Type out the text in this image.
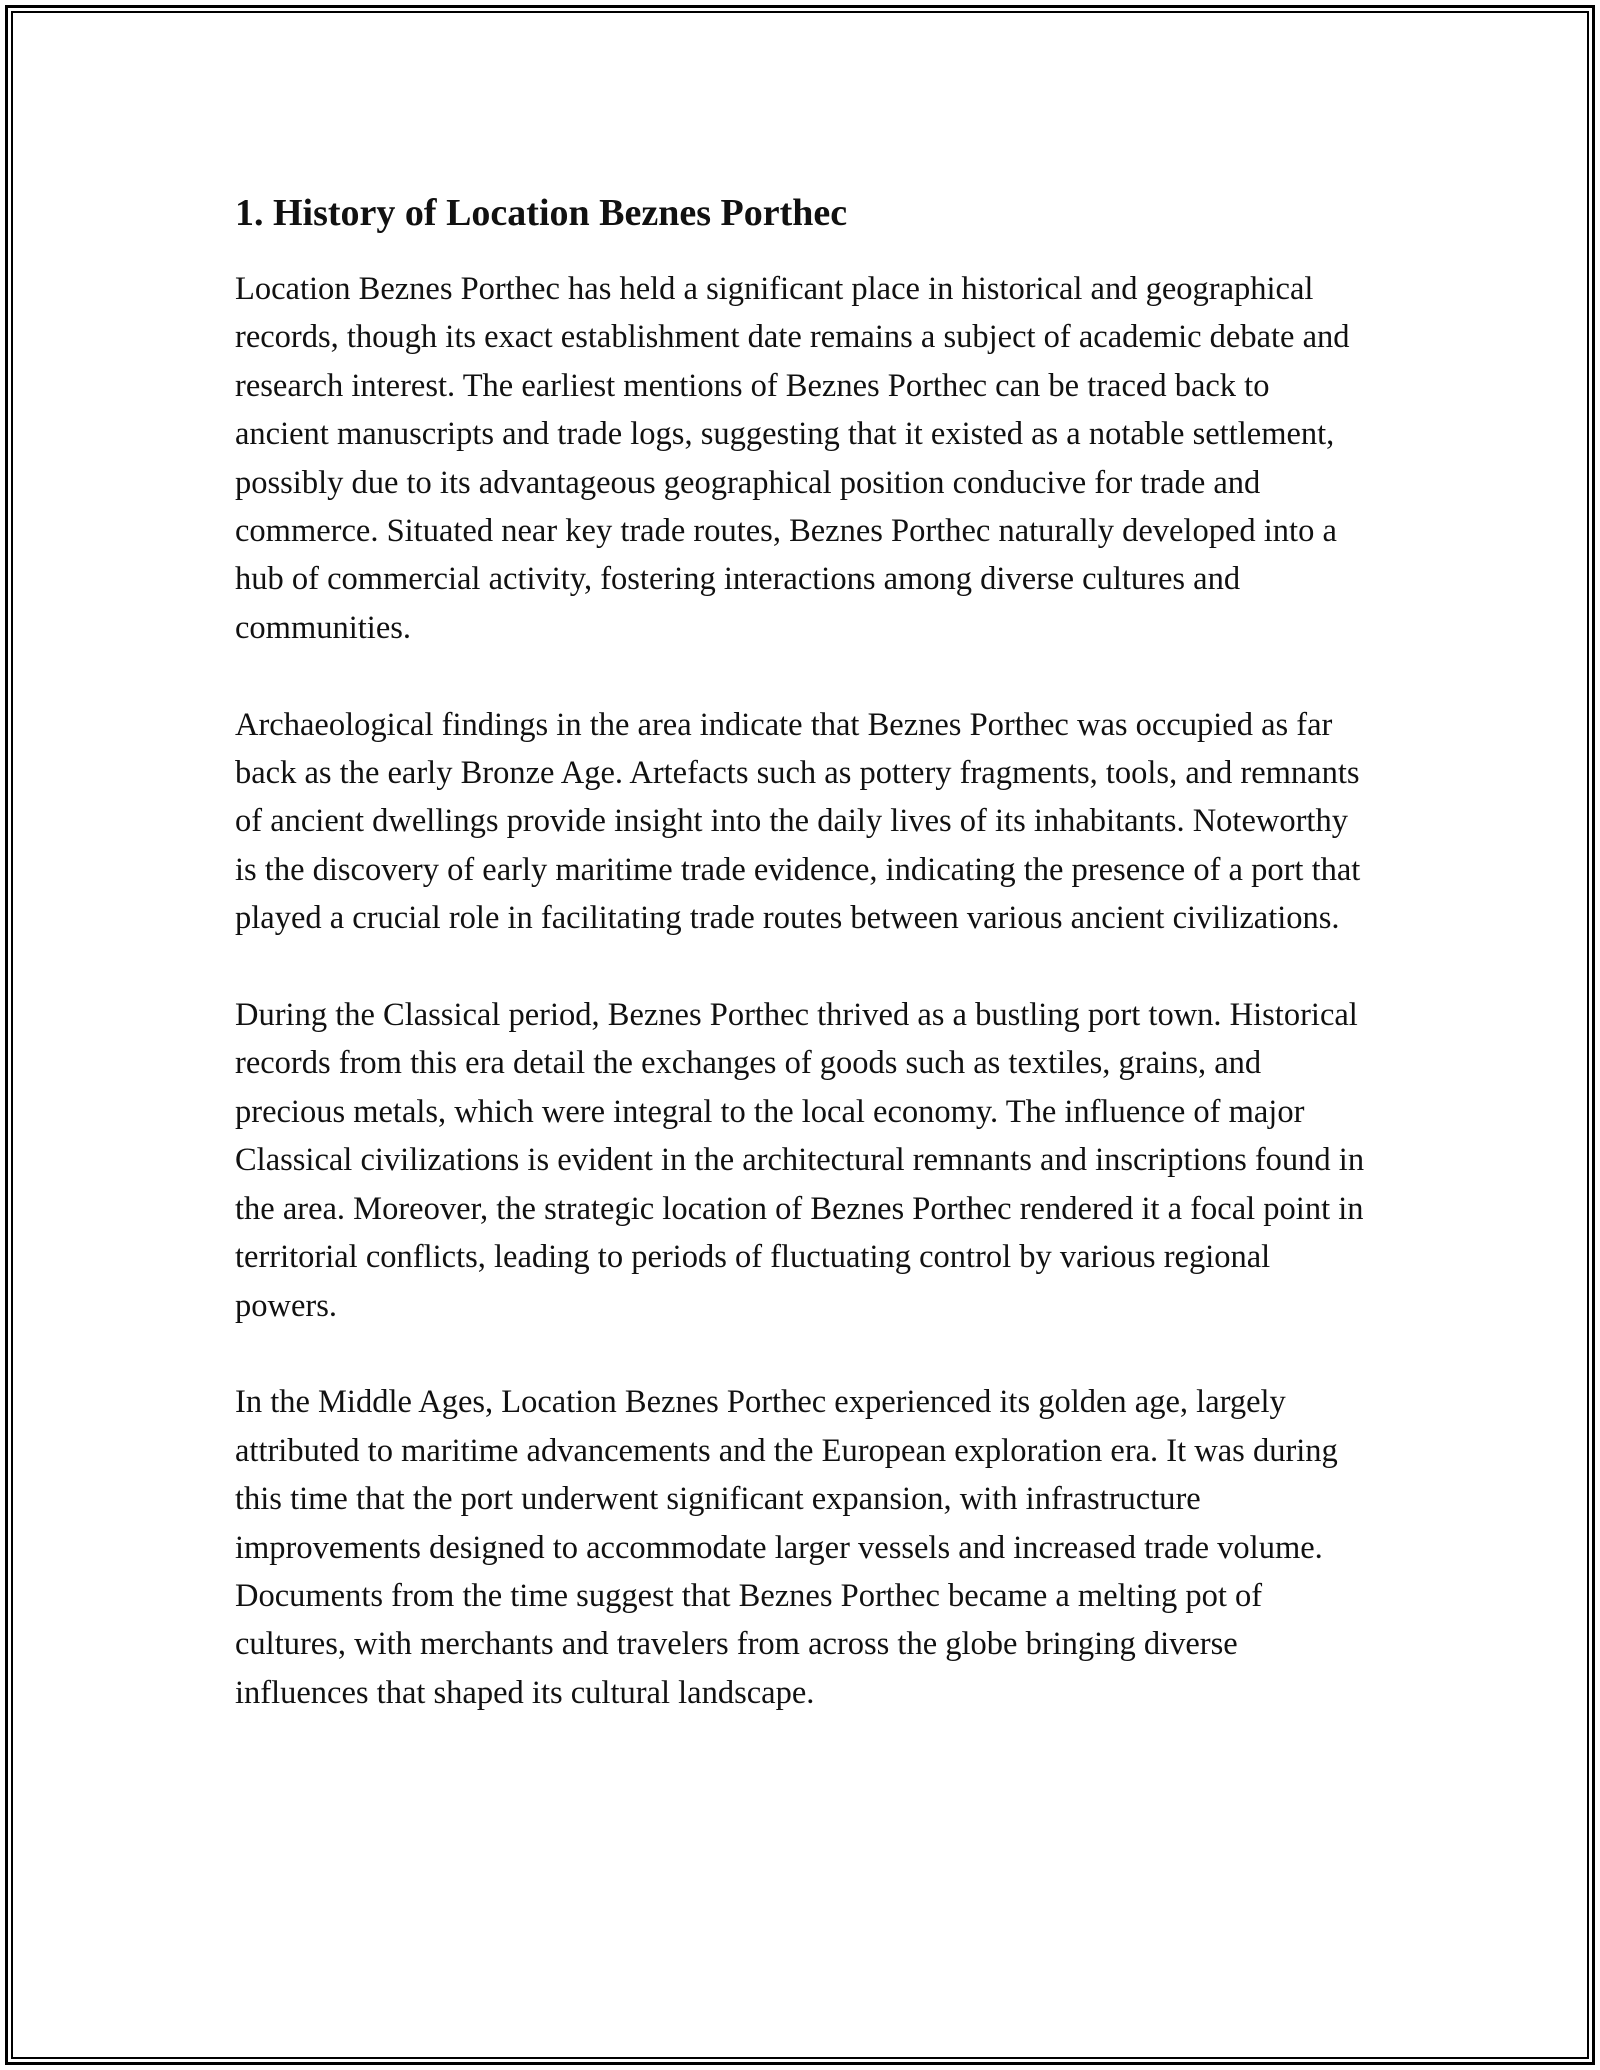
1. History of Location Beznes Porthec

Location Beznes Porthec has held a significant place in historical and geographical records, though its exact establishment date remains a subject of academic debate and research interest. The earliest mentions of Beznes Porthec can be traced back to ancient manuscripts and trade logs, suggesting that it existed as a notable settlement, possibly due to its advantageous geographical position conducive for trade and commerce. Situated near key trade routes, Beznes Porthec naturally developed into a hub of commercial activity, fostering interactions among diverse cultures and communities.

Archaeological findings in the area indicate that Beznes Porthec was occupied as far back as the early Bronze Age. Artefacts such as pottery fragments, tools, and remnants of ancient dwellings provide insight into the daily lives of its inhabitants. Noteworthy is the discovery of early maritime trade evidence, indicating the presence of a port that played a crucial role in facilitating trade routes between various ancient civilizations.

During the Classical period, Beznes Porthec thrived as a bustling port town. Historical records from this era detail the exchanges of goods such as textiles, grains, and precious metals, which were integral to the local economy. The influence of major Classical civilizations is evident in the architectural remnants and inscriptions found in the area. Moreover, the strategic location of Beznes Porthec rendered it a focal point in territorial conflicts, leading to periods of fluctuating control by various regional powers.

In the Middle Ages, Location Beznes Porthec experienced its golden age, largely attributed to maritime advancements and the European exploration era. It was during this time that the port underwent significant expansion, with infrastructure improvements designed to accommodate larger vessels and increased trade volume. Documents from the time suggest that Beznes Porthec became a melting pot of cultures, with merchants and travelers from across the globe bringing diverse influences that shaped its cultural landscape.
